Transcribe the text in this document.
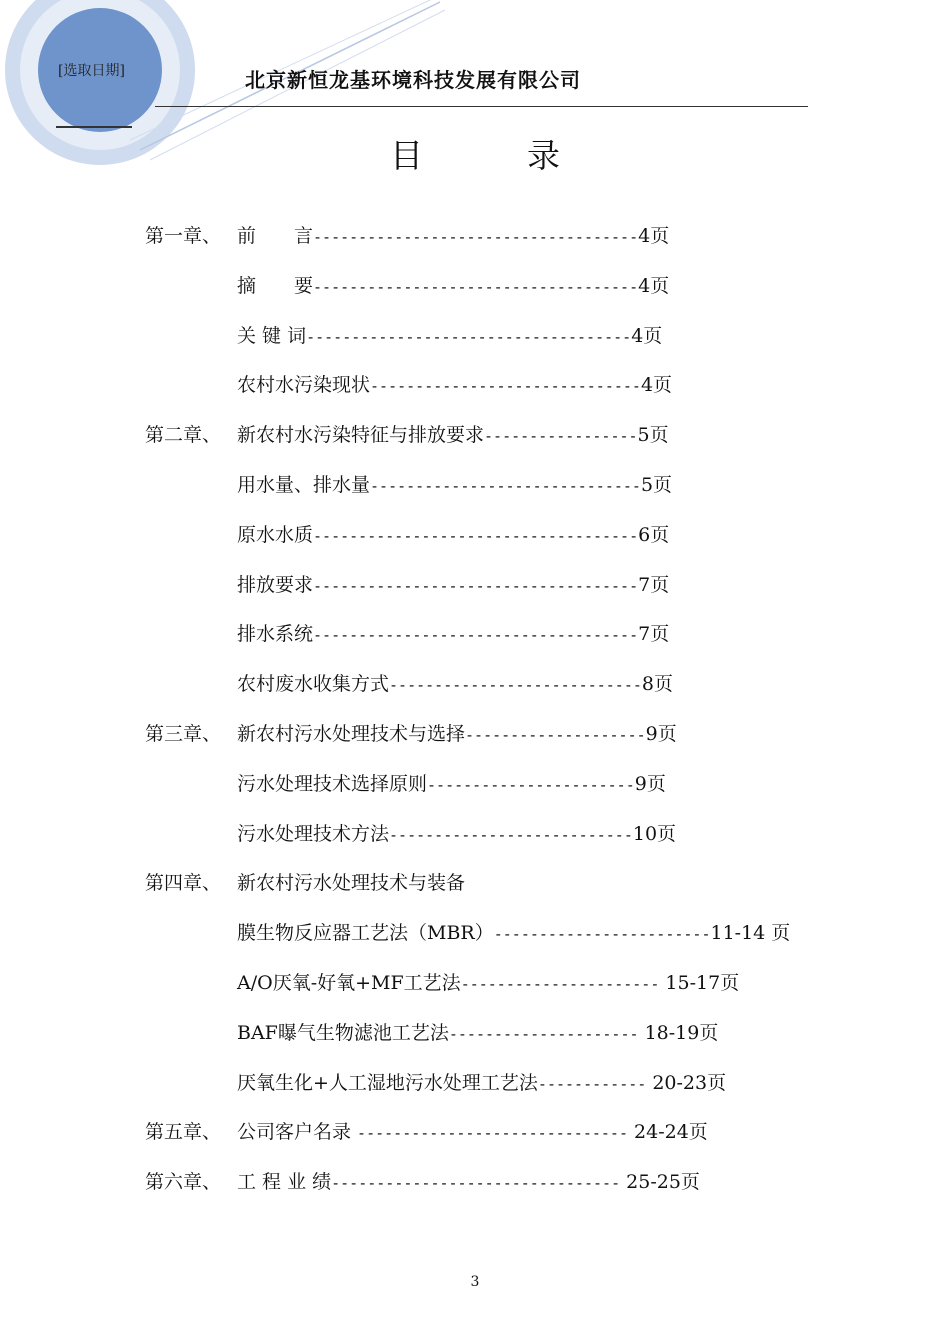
[选取日期]	北京新恒龙基环境科技发展有限公司
目录
第一章、 前　　言------------------------------------4页
摘　　要------------------------------------4页
关 键 词------------------------------------4页
农村水污染现状------------------------------4页
第二章、 新农村水污染特征与排放要求-----------------5页
用水量、排水量------------------------------5页
原水水质------------------------------------6页
排放要求------------------------------------7页
排水系统------------------------------------7页
农村废水收集方式----------------------------8页
第三章、 新农村污水处理技术与选择--------------------9页
污水处理技术选择原则-----------------------9页
污水处理技术方法---------------------------10页
第四章、 新农村污水处理技术与装备
膜生物反应器工艺法（MBR）------------------------11-14 页
A/O厌氧-好氧+MF工艺法---------------------- 15-17页
BAF曝气生物滤池工艺法--------------------- 18-19页
厌氧生化+人工湿地污水处理工艺法------------ 20-23页
第五章、 公司客户名录 ------------------------------ 24-24页
第六章、 工 程 业 绩-------------------------------- 25-25页
3
